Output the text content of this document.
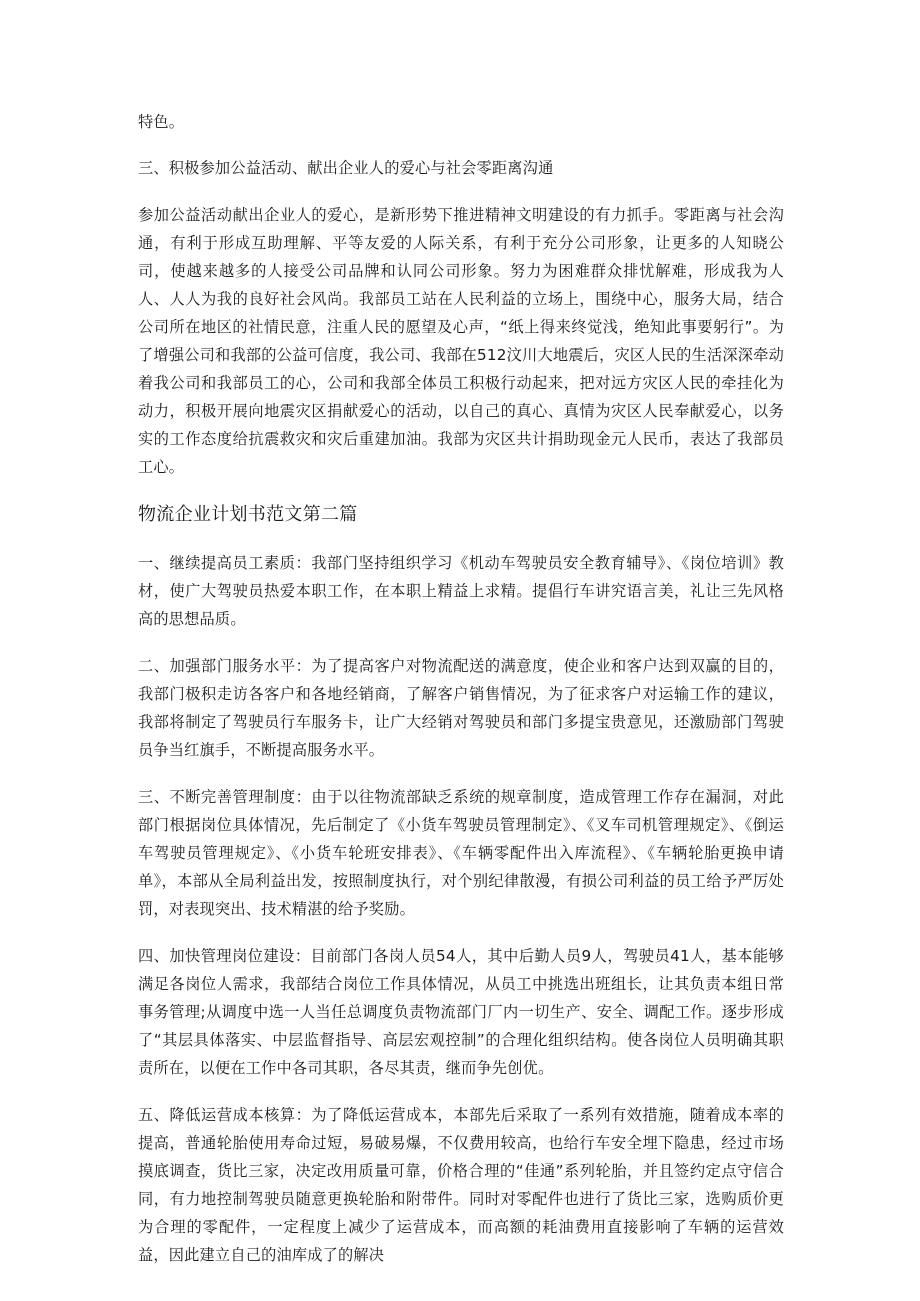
特色。

三、积极参加公益活动、献出企业人的爱心与社会零距离沟通

参加公益活动献出企业人的爱心，是新形势下推进精神文明建设的有力抓手。零距离与社会沟通，有利于形成互助理解、平等友爱的人际关系，有利于充分公司形象，让更多的人知晓公司，使越来越多的人接受公司品牌和认同公司形象。努力为困难群众排忧解难，形成我为人人、人人为我的良好社会风尚。我部员工站在人民利益的立场上，围绕中心，服务大局，结合公司所在地区的社情民意，注重人民的愿望及心声，“纸上得来终觉浅，绝知此事要躬行”。为了增强公司和我部的公益可信度，我公司、我部在512汶川大地震后，灾区人民的生活深深牵动着我公司和我部员工的心，公司和我部全体员工积极行动起来，把对远方灾区人民的牵挂化为动力，积极开展向地震灾区捐献爱心的活动，以自己的真心、真情为灾区人民奉献爱心，以务实的工作态度给抗震救灾和灾后重建加油。我部为灾区共计捐助现金元人民币，表达了我部员工心。

物流企业计划书范文第二篇

一、继续提高员工素质：我部门坚持组织学习《机动车驾驶员安全教育辅导》、《岗位培训》教材，使广大驾驶员热爱本职工作，在本职上精益上求精。提倡行车讲究语言美，礼让三先风格高的思想品质。

二、加强部门服务水平：为了提高客户对物流配送的满意度，使企业和客户达到双赢的目的，我部门极积走访各客户和各地经销商，了解客户销售情况，为了征求客户对运输工作的建议，我部将制定了驾驶员行车服务卡，让广大经销对驾驶员和部门多提宝贵意见，还激励部门驾驶员争当红旗手，不断提高服务水平。

三、不断完善管理制度：由于以往物流部缺乏系统的规章制度，造成管理工作存在漏洞，对此部门根据岗位具体情况，先后制定了《小货车驾驶员管理制定》、《叉车司机管理规定》、《倒运车驾驶员管理规定》、《小货车轮班安排表》、《车辆零配件出入库流程》、《车辆轮胎更换申请单》，本部从全局利益出发，按照制度执行，对个别纪律散漫，有损公司利益的员工给予严厉处罚，对表现突出、技术精湛的给予奖励。

四、加快管理岗位建设：目前部门各岗人员54人，其中后勤人员9人，驾驶员41人，基本能够满足各岗位人需求，我部结合岗位工作具体情况，从员工中挑选出班组长，让其负责本组日常事务管理;从调度中选一人当任总调度负责物流部门厂内一切生产、安全、调配工作。逐步形成了“其层具体落实、中层监督指导、高层宏观控制”的合理化组织结构。使各岗位人员明确其职责所在，以便在工作中各司其职，各尽其责，继而争先创优。

五、降低运营成本核算：为了降低运营成本，本部先后采取了一系列有效措施，随着成本率的提高，普通轮胎使用寿命过短，易破易爆，不仅费用较高，也给行车安全埋下隐患，经过市场摸底调查，货比三家，决定改用质量可靠，价格合理的“佳通”系列轮胎，并且签约定点守信合同，有力地控制驾驶员随意更换轮胎和附带件。同时对零配件也进行了货比三家，选购质价更为合理的零配件，一定程度上减少了运营成本，而高额的耗油费用直接影响了车辆的运营效益，因此建立自己的油库成了的解决
